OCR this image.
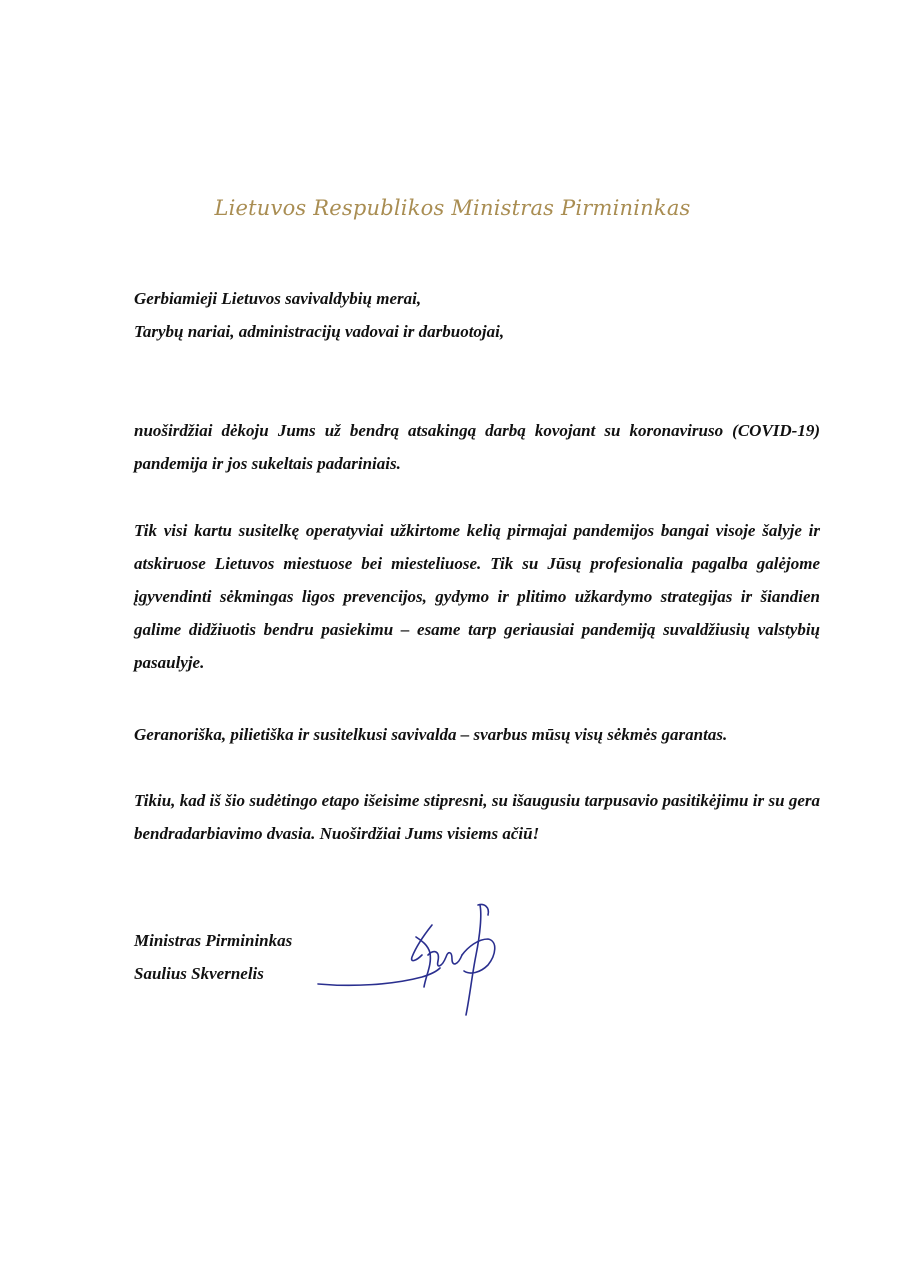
Lietuvos Respublikos Ministras Pirmininkas
Gerbiamieji Lietuvos savivaldybių merai,
Tarybų nariai, administracijų vadovai ir darbuotojai,
nuoširdžiai dėkoju Jums už bendrą atsakingą darbą kovojant su koronaviruso (COVID-19) pandemija ir jos sukeltais padariniais.
Tik visi kartu susitelkę operatyviai užkirtome kelią pirmajai pandemijos bangai visoje šalyje ir atskiruose Lietuvos miestuose bei miesteliuose. Tik su Jūsų profesionalia pagalba galėjome įgyvendinti sėkmingas ligos prevencijos, gydymo ir plitimo užkardymo strategijas ir šiandien galime didžiuotis bendru pasiekimu – esame tarp geriausiai pandemiją suvaldžiusių valstybių pasaulyje.
Geranoriška, pilietiška ir susitelkusi savivalda – svarbus mūsų visų sėkmės garantas.
Tikiu, kad iš šio sudėtingo etapo išeisime stipresni, su išaugusiu tarpusavio pasitikėjimu ir su gera bendradarbiavimo dvasia. Nuoširdžiai Jums visiems ačiū!
Ministras Pirmininkas
Saulius Skvernelis
